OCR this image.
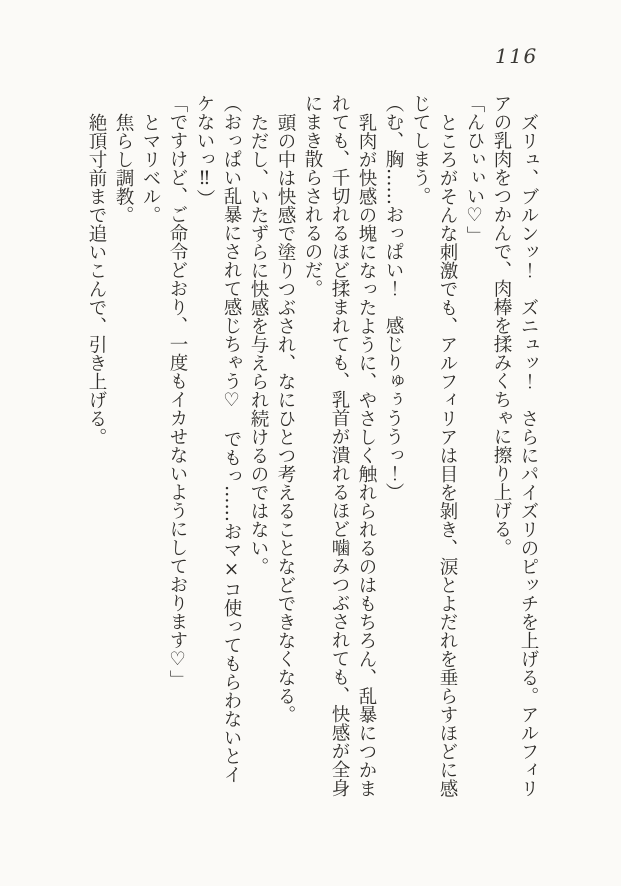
116

ズリュ、ブルンッ！　ズニュッ！　さらにパイズリのピッチを上げる。アルフィリアの乳肉をつかんで、肉棒を揉みくちゃに擦り上げる。

「んひぃぃい♡」

ところがそんな刺激でも、アルフィリアは目を剝き、涙とよだれを垂らすほどに感じてしまう。

（む、胸……おっぱい！　感じりゅぅううっ！）

乳肉が快感の塊になったように、やさしく触れられるのはもちろん、乱暴につかまれても、千切れるほど揉まれても、乳首が潰れるほど噛みつぶされても、快感が全身にまき散らされるのだ。

頭の中は快感で塗りつぶされ、なにひとつ考えることなどできなくなる。

ただし、いたずらに快感を与えられ続けるのではない。

（おっぱい乱暴にされて感じちゃう♡　でもっ……おマ×コ使ってもらわないとイケないっ‼）

「ですけど、ご命令どおり、一度もイカせないようにしております♡」

とマリベル。

焦らし調教。

絶頂寸前まで追いこんで、引き上げる。
